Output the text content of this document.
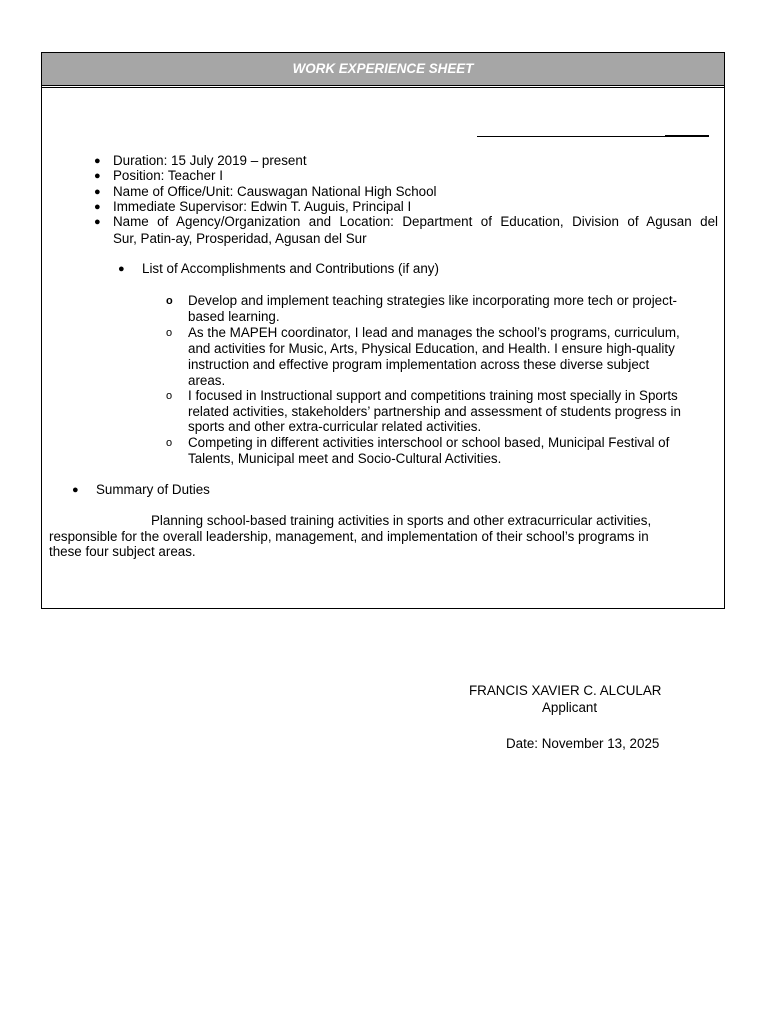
WORK EXPERIENCE SHEET
● Duration: 15 July 2019 – present
● Position: Teacher I
● Name of Office/Unit: Causwagan National High School
● Immediate Supervisor: Edwin T. Auguis, Principal I
● Name of Agency/Organization and Location: Department of Education, Division of Agusan del
Sur, Patin-ay, Prosperidad, Agusan del Sur
● List of Accomplishments and Contributions (if any)
o Develop and implement teaching strategies like incorporating more tech or project-
based learning.
o As the MAPEH coordinator, I lead and manages the school’s programs, curriculum,
and activities for Music, Arts, Physical Education, and Health. I ensure high-quality
instruction and effective program implementation across these diverse subject
areas.
o I focused in Instructional support and competitions training most specially in Sports
related activities, stakeholders’ partnership and assessment of students progress in
sports and other extra-curricular related activities.
o Competing in different activities interschool or school based, Municipal Festival of
Talents, Municipal meet and Socio-Cultural Activities.
● Summary of Duties
Planning school-based training activities in sports and other extracurricular activities,
responsible for the overall leadership, management, and implementation of their school’s programs in
these four subject areas.
FRANCIS XAVIER C. ALCULAR
Applicant
Date: November 13, 2025
